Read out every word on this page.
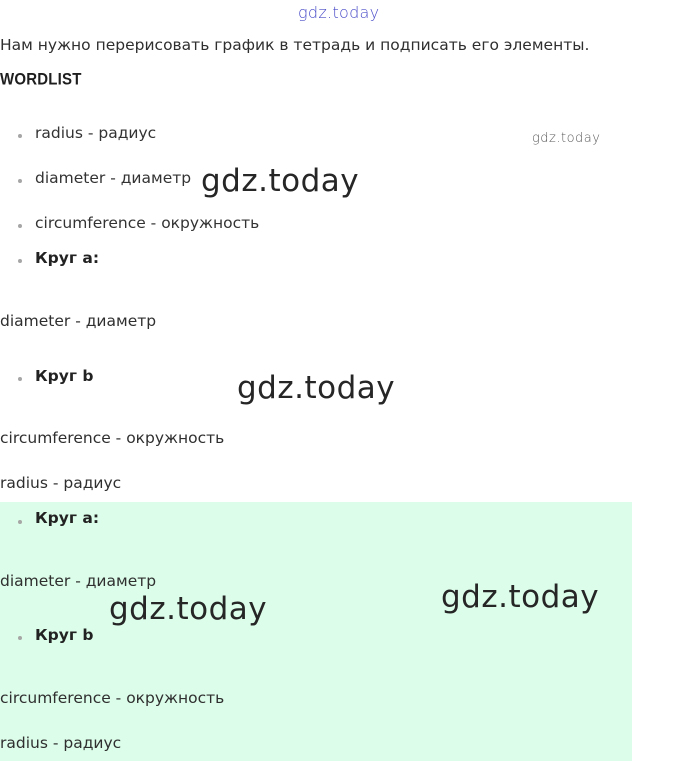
gdz.today
Нам нужно перерисовать график в тетрадь и подписать его элементы.
WORDLIST
radius - радиус
diameter - диаметр
circumference - окружность
Круг a:
diameter - диаметр
Круг b
circumference - окружность
radius - радиус
Круг a:
diameter - диаметр
Круг b
circumference - окружность
radius - радиус
gdz.today
gdz.today
gdz.today
gdz.today
gdz.today
